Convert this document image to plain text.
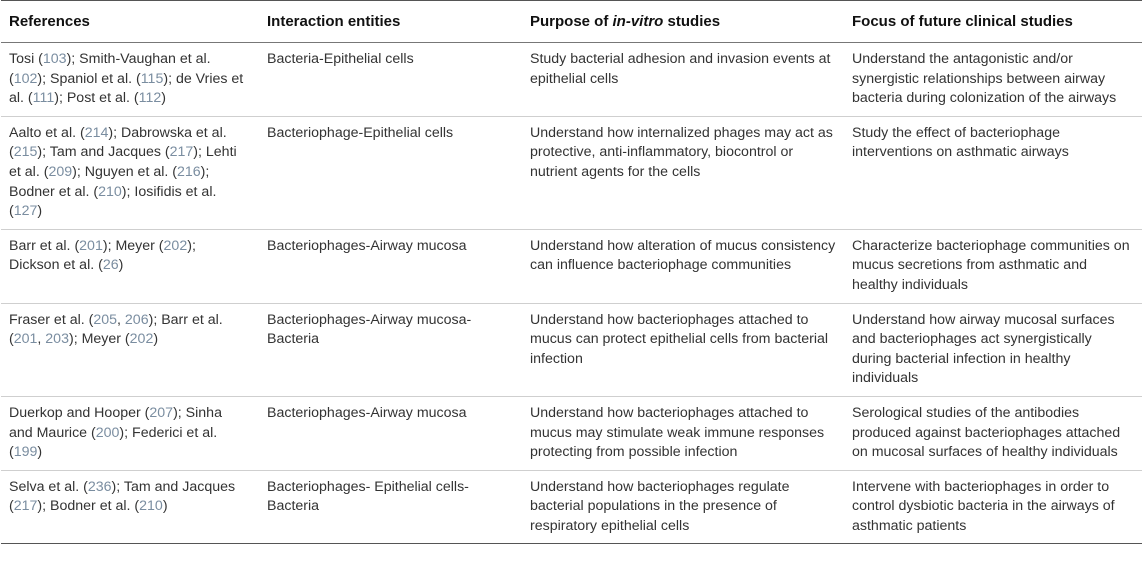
References	Interaction entities	Purpose of in-vitro studies	Focus of future clinical studies
Tosi (103); Smith-Vaughan et al. (102); Spaniol et al. (115); de Vries et al. (111); Post et al. (112)	Bacteria-Epithelial cells	Study bacterial adhesion and invasion events at epithelial cells	Understand the antagonistic and/or synergistic relationships between airway bacteria during colonization of the airways
Aalto et al. (214); Dabrowska et al. (215); Tam and Jacques (217); Lehti et al. (209); Nguyen et al. (216); Bodner et al. (210); Iosifidis et al. (127)	Bacteriophage-Epithelial cells	Understand how internalized phages may act as protective, anti-inflammatory, biocontrol or nutrient agents for the cells	Study the effect of bacteriophage interventions on asthmatic airways
Barr et al. (201); Meyer (202); Dickson et al. (26)	Bacteriophages-Airway mucosa	Understand how alteration of mucus consistency can influence bacteriophage communities	Characterize bacteriophage communities on mucus secretions from asthmatic and healthy individuals
Fraser et al. (205, 206); Barr et al. (201, 203); Meyer (202)	Bacteriophages-Airway mucosa-Bacteria	Understand how bacteriophages attached to mucus can protect epithelial cells from bacterial infection	Understand how airway mucosal surfaces and bacteriophages act synergistically during bacterial infection in healthy individuals
Duerkop and Hooper (207); Sinha and Maurice (200); Federici et al. (199)	Bacteriophages-Airway mucosa	Understand how bacteriophages attached to mucus may stimulate weak immune responses protecting from possible infection	Serological studies of the antibodies produced against bacteriophages attached on mucosal surfaces of healthy individuals
Selva et al. (236); Tam and Jacques (217); Bodner et al. (210)	Bacteriophages- Epithelial cells-Bacteria	Understand how bacteriophages regulate bacterial populations in the presence of respiratory epithelial cells	Intervene with bacteriophages in order to control dysbiotic bacteria in the airways of asthmatic patients
